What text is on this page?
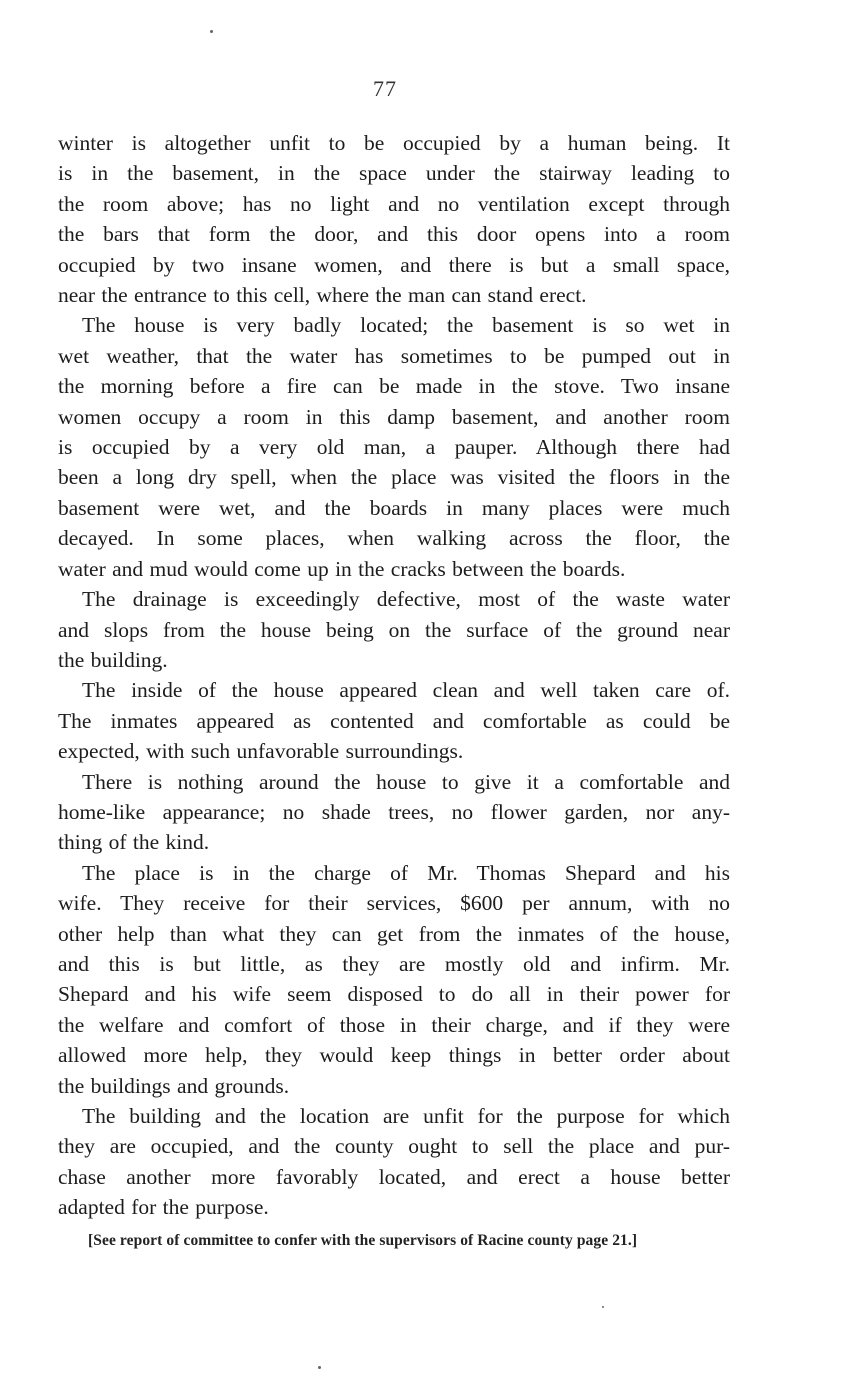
77

winter is altogether unfit to be occupied by a human being. It
is in the basement, in the space under the stairway leading to
the room above; has no light and no ventilation except through
the bars that form the door, and this door opens into a room
occupied by two insane women, and there is but a small space,
near the entrance to this cell, where the man can stand erect.

The house is very badly located; the basement is so wet in
wet weather, that the water has sometimes to be pumped out in
the morning before a fire can be made in the stove. Two insane
women occupy a room in this damp basement, and another room
is occupied by a very old man, a pauper. Although there had
been a long dry spell, when the place was visited the floors in the
basement were wet, and the boards in many places were much
decayed. In some places, when walking across the floor, the
water and mud would come up in the cracks between the boards.

The drainage is exceedingly defective, most of the waste water
and slops from the house being on the surface of the ground near
the building.

The inside of the house appeared clean and well taken care of.
The inmates appeared as contented and comfortable as could be
expected, with such unfavorable surroundings.

There is nothing around the house to give it a comfortable and
home-like appearance; no shade trees, no flower garden, nor any-
thing of the kind.

The place is in the charge of Mr. Thomas Shepard and his
wife. They receive for their services, $600 per annum, with no
other help than what they can get from the inmates of the house,
and this is but little, as they are mostly old and infirm. Mr.
Shepard and his wife seem disposed to do all in their power for
the welfare and comfort of those in their charge, and if they were
allowed more help, they would keep things in better order about
the buildings and grounds.

The building and the location are unfit for the purpose for which
they are occupied, and the county ought to sell the place and pur-
chase another more favorably located, and erect a house better
adapted for the purpose.

[See report of committee to confer with the supervisors of Racine county page 21.]
